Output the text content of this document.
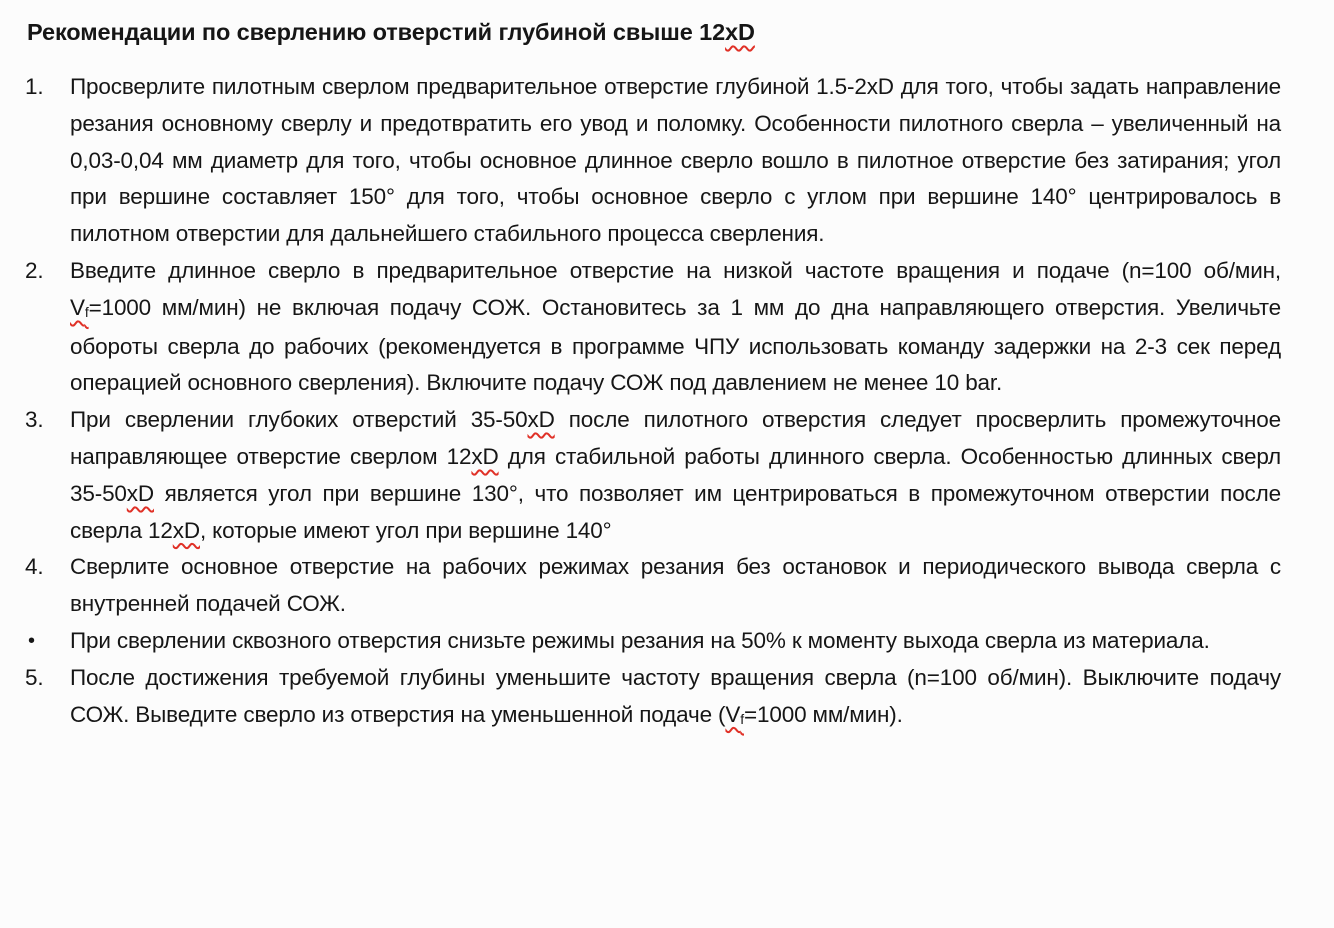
Рекомендации по сверлению отверстий глубиной свыше 12xD
1.	Просверлите пилотным сверлом предварительное отверстие глубиной 1.5-2xD для того, чтобы задать направление резания основному сверлу и предотвратить его увод и поломку. Особенности пилотного сверла – увеличенный на 0,03-0,04 мм диаметр для того, чтобы основное длинное сверло вошло в пилотное отверстие без затирания; угол при вершине составляет 150° для того, чтобы основное сверло с углом при вершине 140° центрировалось в пилотном отверстии для дальнейшего стабильного процесса сверления.

2.	Введите длинное сверло в предварительное отверстие на низкой частоте вращения и подаче (n=100 об/мин, $V_f=1000$ мм/мин) не включая подачу СОЖ. Остановитесь за 1 мм до дна направляющего отверстия. Увеличьте обороты сверла до рабочих (рекомендуется в программе ЧПУ использовать команду задержки на 2-3 сек перед операцией основного сверления). Включите подачу СОЖ под давлением не менее 10 bar.

3.	При сверлении глубоких отверстий 35-50xD после пилотного отверстия следует просверлить промежуточное направляющее отверстие сверлом 12xD для стабильной работы длинного сверла. Особенностью длинных сверл 35-50xD является угол при вершине 130°, что позволяет им центрироваться в промежуточном отверстии после сверла 12xD, которые имеют угол при вершине 140°

4.	Сверлите основное отверстие на рабочих режимах резания без остановок и периодического вывода сверла с внутренней подачей СОЖ.

•	При сверлении сквозного отверстия снизьте режимы резания на 50% к моменту выхода сверла из материала.

5.	После достижения требуемой глубины уменьшите частоту вращения сверла (n=100 об/мин). Выключите подачу СОЖ. Выведите сверло из отверстия на уменьшенной подаче ($V_f=1000$ мм/мин).
